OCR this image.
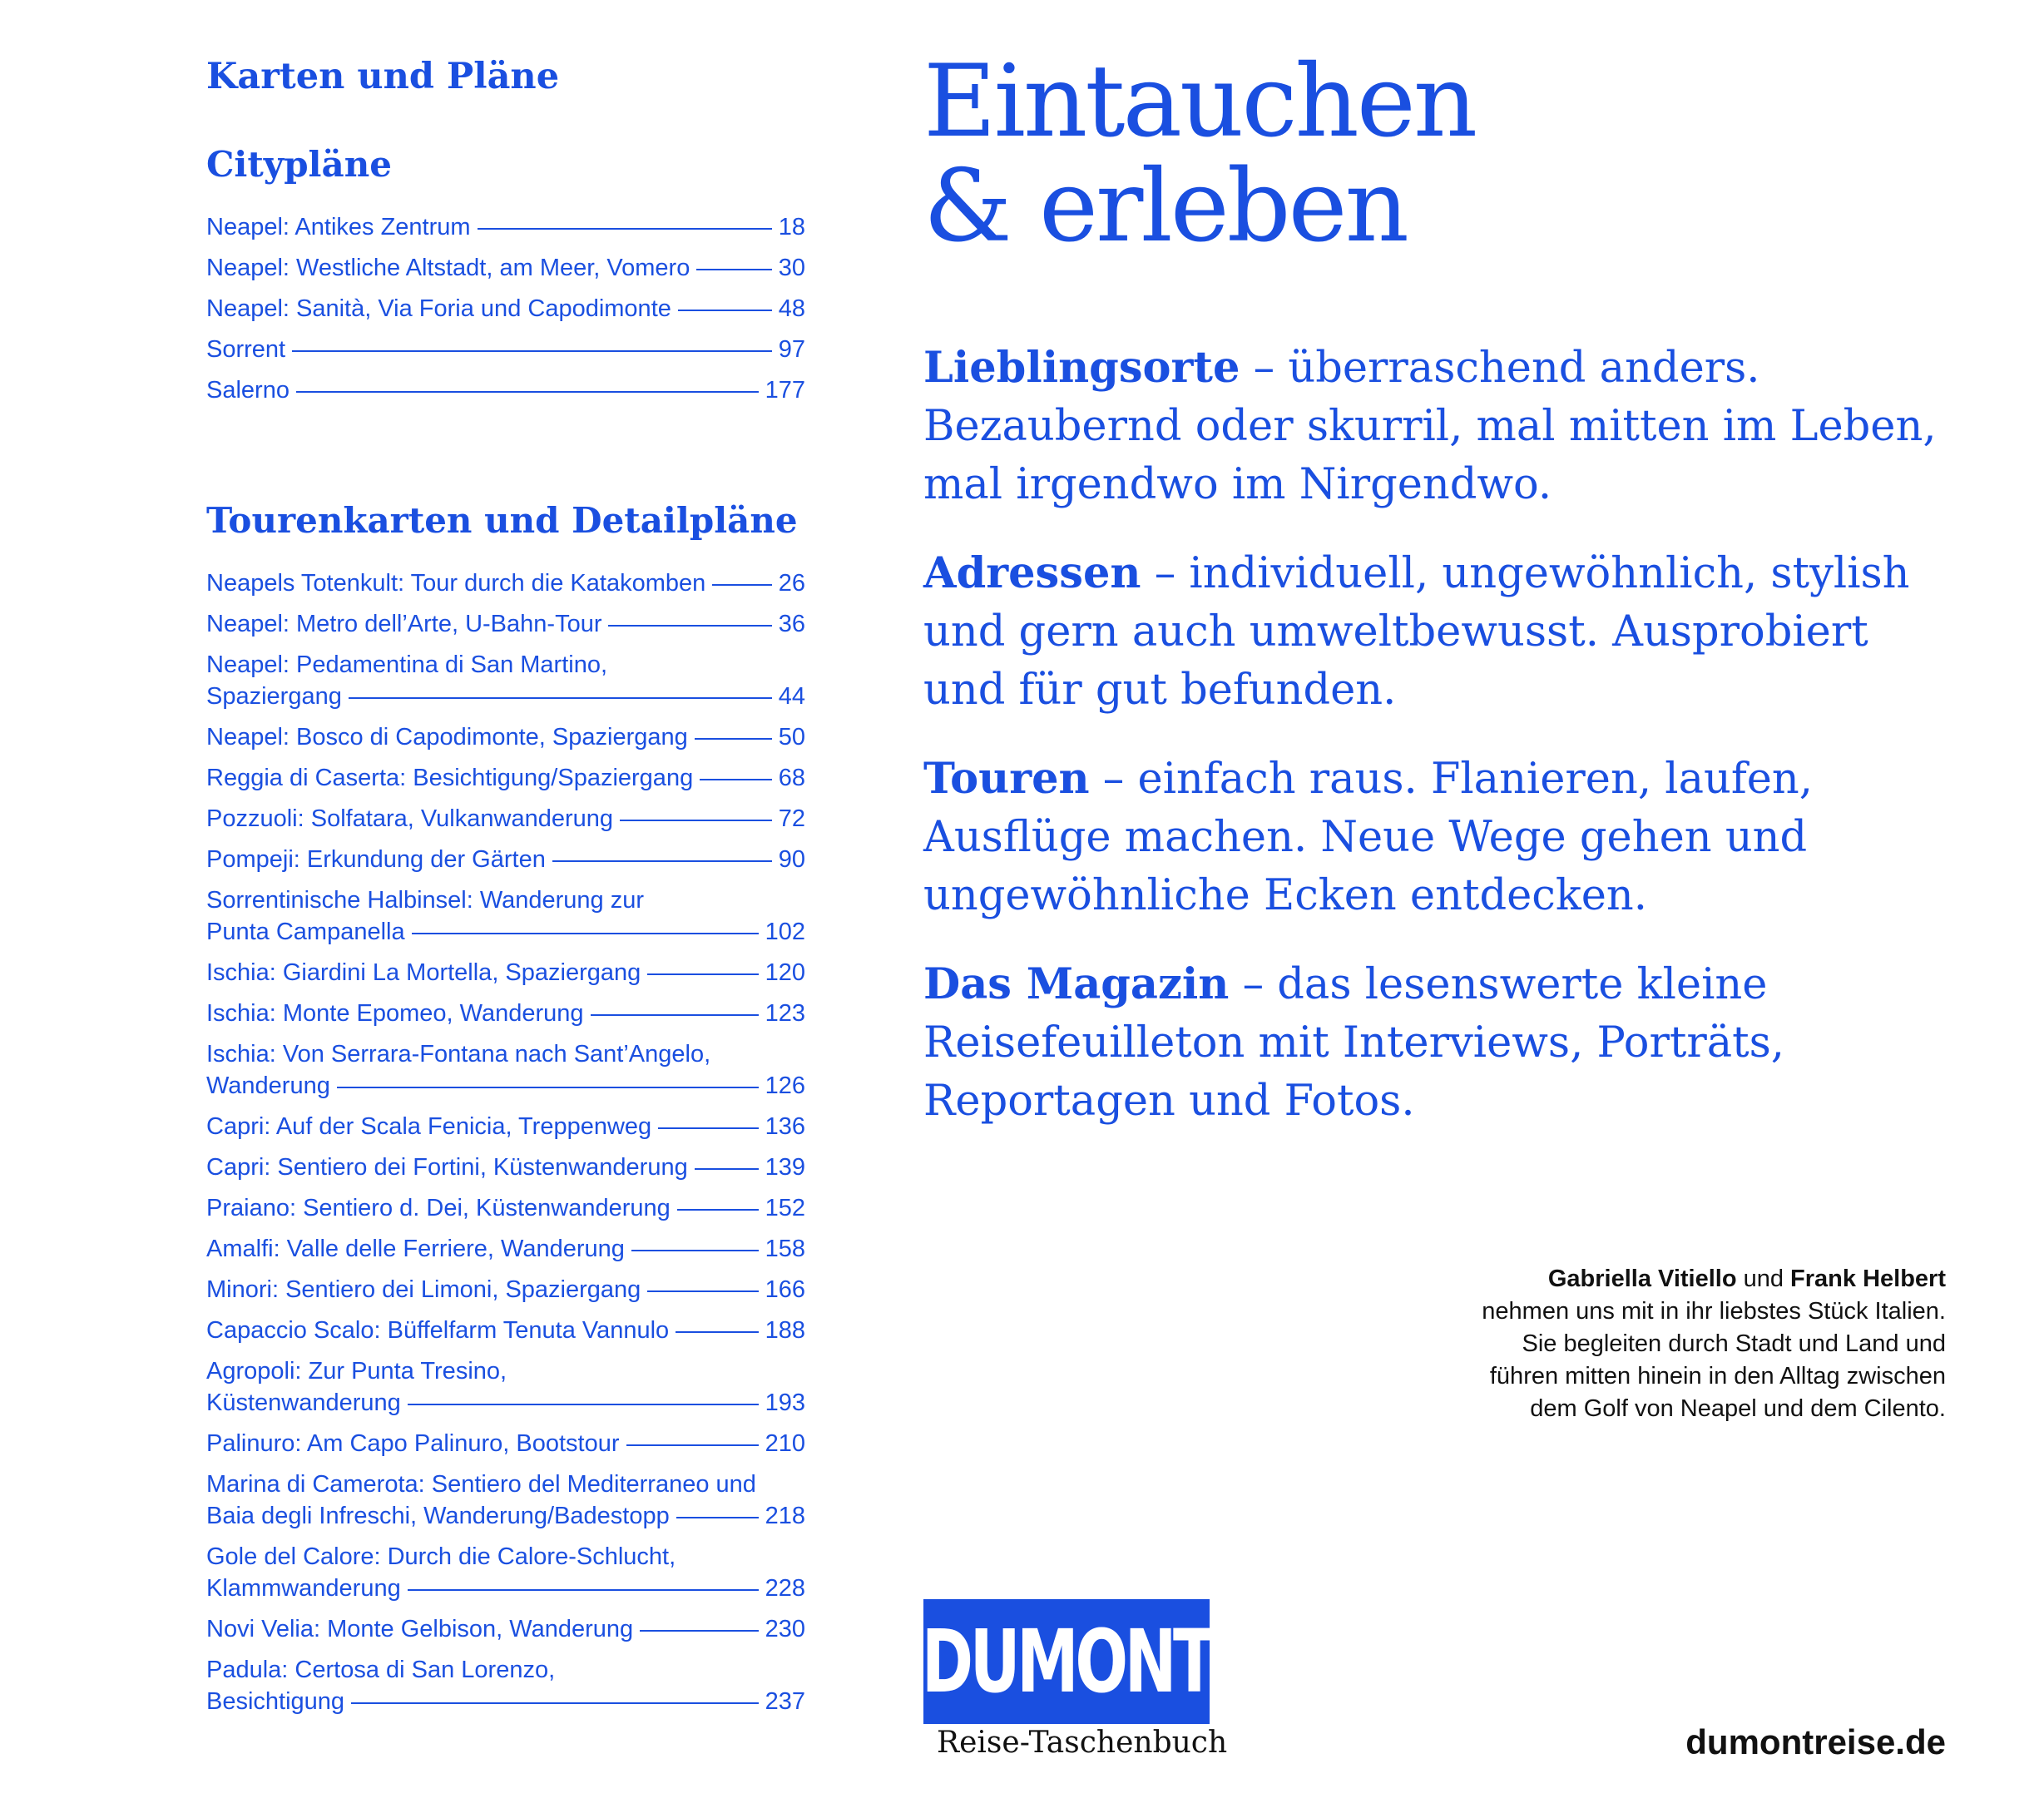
Karten und Pläne
Citypläne
Neapel: Antikes Zentrum	18
Neapel: Westliche Altstadt, am Meer, Vomero	30
Neapel: Sanità, Via Foria und Capodimonte	48
Sorrent	97
Salerno	177
Tourenkarten und Detailpläne
Neapels Totenkult: Tour durch die Katakomben	26
Neapel: Metro dell’Arte, U-Bahn-Tour	36
Neapel: Pedamentina di San Martino,
Spaziergang	44
Neapel: Bosco di Capodimonte, Spaziergang	50
Reggia di Caserta: Besichtigung/Spaziergang	68
Pozzuoli: Solfatara, Vulkanwanderung	72
Pompeji: Erkundung der Gärten	90
Sorrentinische Halbinsel: Wanderung zur
Punta Campanella	102
Ischia: Giardini La Mortella, Spaziergang	120
Ischia: Monte Epomeo, Wanderung	123
Ischia: Von Serrara-Fontana nach Sant’Angelo,
Wanderung	126
Capri: Auf der Scala Fenicia, Treppenweg	136
Capri: Sentiero dei Fortini, Küstenwanderung	139
Praiano: Sentiero d. Dei, Küstenwanderung	152
Amalfi: Valle delle Ferriere, Wanderung	158
Minori: Sentiero dei Limoni, Spaziergang	166
Capaccio Scalo: Büffelfarm Tenuta Vannulo	188
Agropoli: Zur Punta Tresino,
Küstenwanderung	193
Palinuro: Am Capo Palinuro, Bootstour	210
Marina di Camerota: Sentiero del Mediterraneo und
Baia degli Infreschi, Wanderung/Badestopp	218
Gole del Calore: Durch die Calore-Schlucht,
Klammwanderung	228
Novi Velia: Monte Gelbison, Wanderung	230
Padula: Certosa di San Lorenzo,
Besichtigung	237
Eintauchen
& erleben

Lieblingsorte – überraschend anders. Bezaubernd oder skurril, mal mitten im Leben, mal irgendwo im Nirgendwo.

Adressen – individuell, ungewöhnlich, stylish und gern auch umweltbewusst. Ausprobiert und für gut befunden.

Touren – einfach raus. Flanieren, laufen, Ausflüge machen. Neue Wege gehen und ungewöhnliche Ecken entdecken.

Das Magazin – das lesenswerte kleine Reisefeuilleton mit Interviews, Porträts, Reportagen und Fotos.

Gabriella Vitiello und Frank Helbert nehmen uns mit in ihr liebstes Stück Italien. Sie begleiten durch Stadt und Land und führen mitten hinein in den Alltag zwischen dem Golf von Neapel und dem Cilento.
DUMONT
Reise-Taschenbuch	dumontreise.de
